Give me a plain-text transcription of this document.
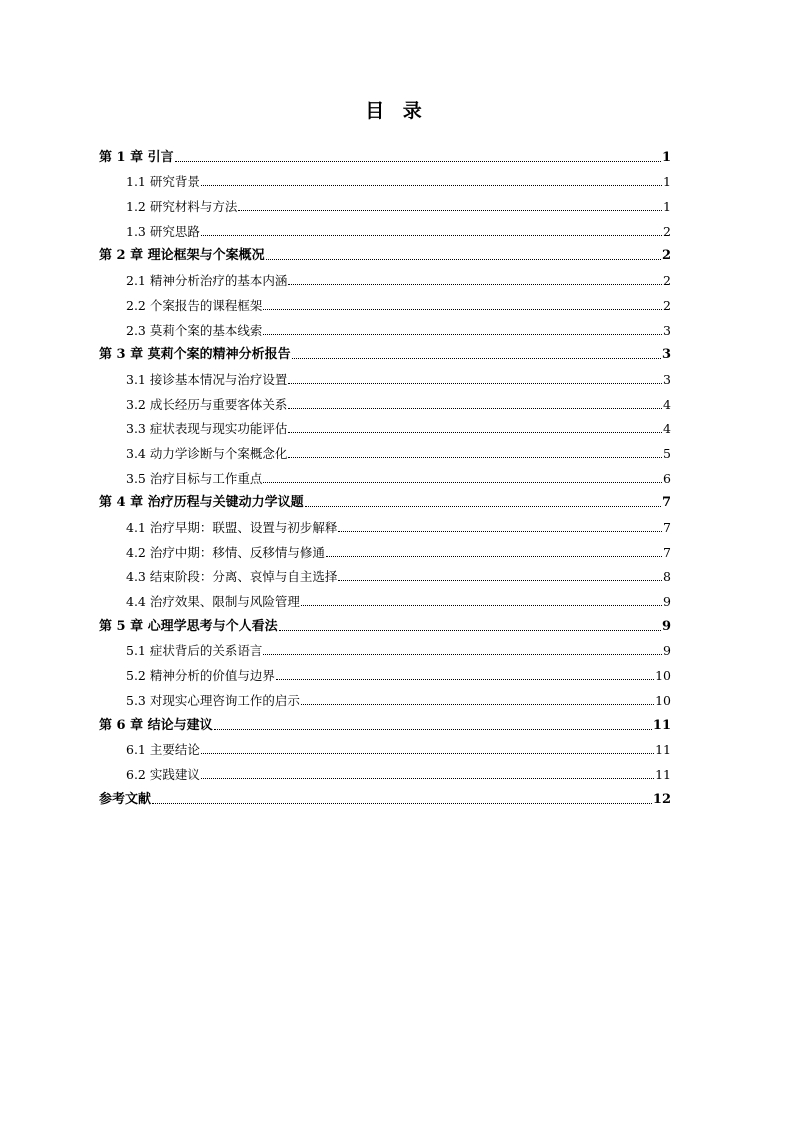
目 录
第 1 章 引言	1
1.1 研究背景	1
1.2 研究材料与方法	1
1.3 研究思路	2
第 2 章 理论框架与个案概况	2
2.1 精神分析治疗的基本内涵	2
2.2 个案报告的课程框架	2
2.3 莫莉个案的基本线索	3
第 3 章 莫莉个案的精神分析报告	3
3.1 接诊基本情况与治疗设置	3
3.2 成长经历与重要客体关系	4
3.3 症状表现与现实功能评估	4
3.4 动力学诊断与个案概念化	5
3.5 治疗目标与工作重点	6
第 4 章 治疗历程与关键动力学议题	7
4.1 治疗早期：联盟、设置与初步解释	7
4.2 治疗中期：移情、反移情与修通	7
4.3 结束阶段：分离、哀悼与自主选择	8
4.4 治疗效果、限制与风险管理	9
第 5 章 心理学思考与个人看法	9
5.1 症状背后的关系语言	9
5.2 精神分析的价值与边界	10
5.3 对现实心理咨询工作的启示	10
第 6 章 结论与建议	11
6.1 主要结论	11
6.2 实践建议	11
参考文献	12
